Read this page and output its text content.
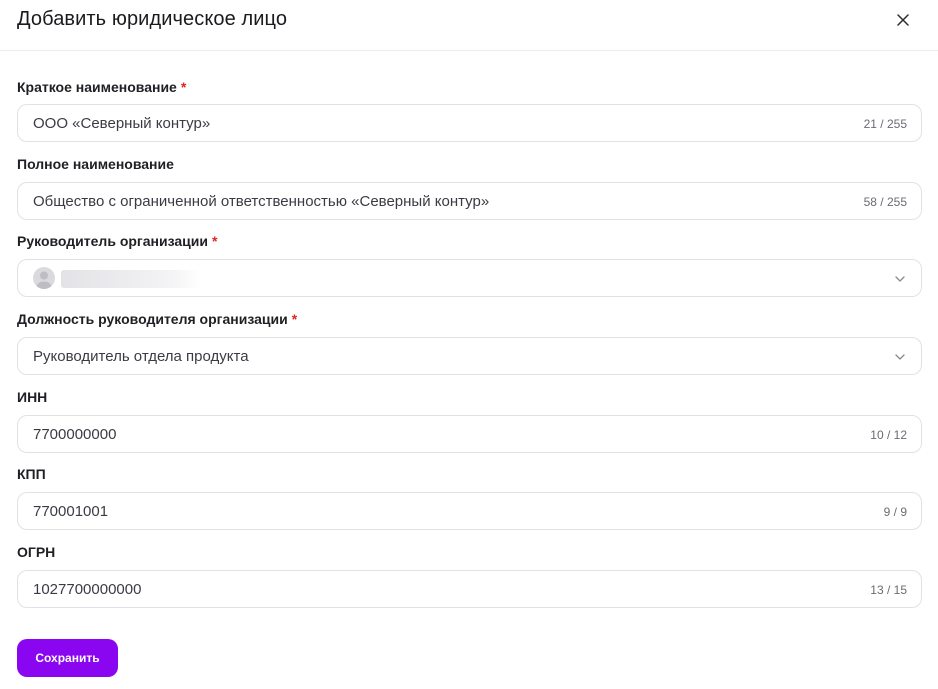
Добавить юридическое лицо
Краткое наименование *
ООО «Северный контур»	21 / 255
Полное наименование
Общество с ограниченной ответственностью «Северный контур»	58 / 255
Руководитель организации *
Должность руководителя организации *
Руководитель отдела продукта
ИНН
7700000000	10 / 12
КПП
770001001	9 / 9
ОГРН
1027700000000	13 / 15
Сохранить
